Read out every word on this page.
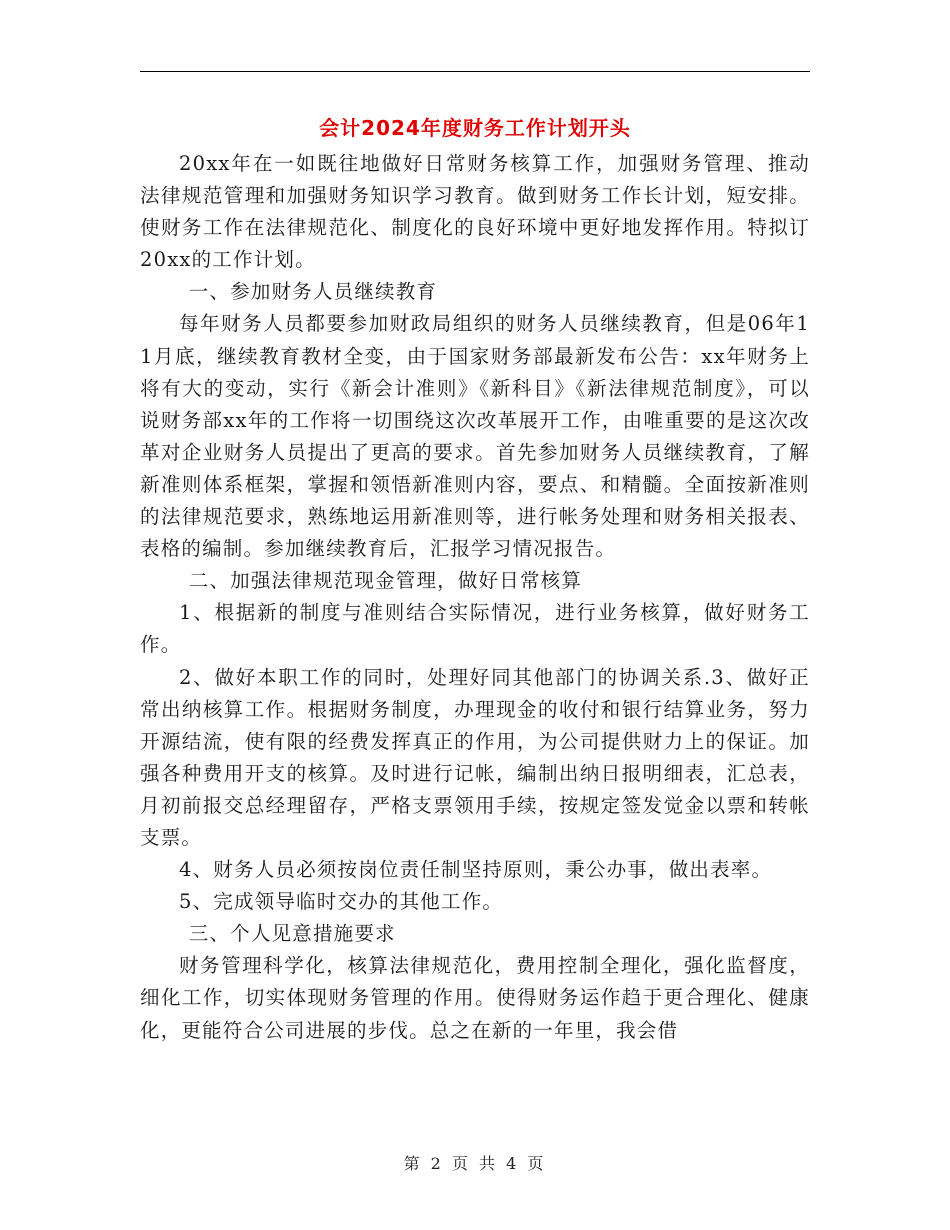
会计2024年度财务工作计划开头

20xx年在一如既往地做好日常财务核算工作，加强财务管理、推动法律规范管理和加强财务知识学习教育。做到财务工作长计划，短安排。使财务工作在法律规范化、制度化的良好环境中更好地发挥作用。特拟订20xx的工作计划。

一、参加财务人员继续教育

每年财务人员都要参加财政局组织的财务人员继续教育，但是06年11月底，继续教育教材全变，由于国家财务部最新发布公告：xx年财务上将有大的变动，实行《新会计准则》《新科目》《新法律规范制度》，可以说财务部xx年的工作将一切围绕这次改革展开工作，由唯重要的是这次改革对企业财务人员提出了更高的要求。首先参加财务人员继续教育，了解新准则体系框架，掌握和领悟新准则内容，要点、和精髓。全面按新准则的法律规范要求，熟练地运用新准则等，进行帐务处理和财务相关报表、表格的编制。参加继续教育后，汇报学习情况报告。

二、加强法律规范现金管理，做好日常核算

1、根据新的制度与准则结合实际情况，进行业务核算，做好财务工作。

2、做好本职工作的同时，处理好同其他部门的协调关系.3、做好正常出纳核算工作。根据财务制度，办理现金的收付和银行结算业务，努力开源结流，使有限的经费发挥真正的作用，为公司提供财力上的保证。加强各种费用开支的核算。及时进行记帐，编制出纳日报明细表，汇总表，月初前报交总经理留存，严格支票领用手续，按规定签发觉金以票和转帐支票。

4、财务人员必须按岗位责任制坚持原则，秉公办事，做出表率。

5、完成领导临时交办的其他工作。

三、个人见意措施要求

财务管理科学化，核算法律规范化，费用控制全理化，强化监督度，细化工作，切实体现财务管理的作用。使得财务运作趋于更合理化、健康化，更能符合公司进展的步伐。总之在新的一年里，我会借

第 2 页 共 4 页
